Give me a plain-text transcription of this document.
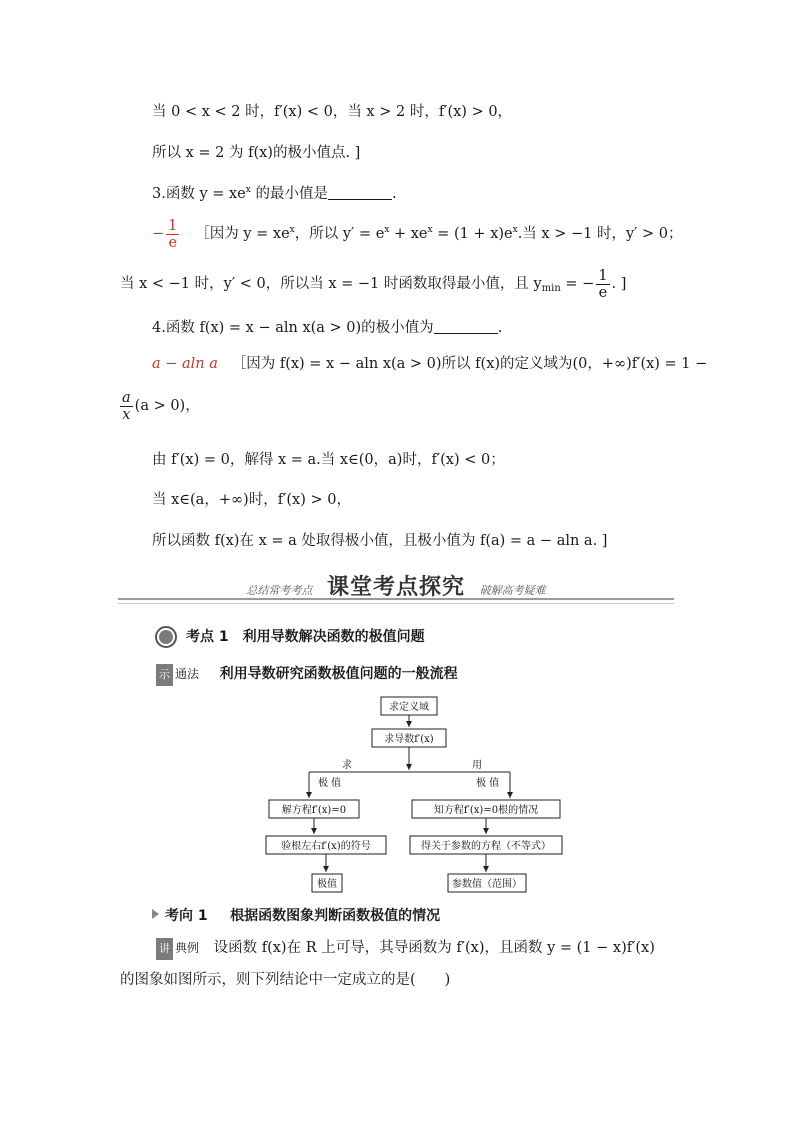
当 0 < x < 2 时，f′(x) < 0，当 x > 2 时，f′(x) > 0，
所以 x = 2 为 f(x)的极小值点. ]
3.函数 $y = xe^x$ 的最小值是	.
− $\frac{1}{e}$ ［因为 $y = xe^x$，所以 $y' = e^x + xe^x = (1 + x)e^x$.当 x > −1 时，y′ > 0；
当 x < −1 时，y′ < 0，所以当 x = −1 时函数取得最小值，且 $y_{min}$ = − $\frac{1}{e}$ . ]
4.函数 f(x) = x − aln x(a > 0)的极小值为	.
a − aln a ［因为 f(x) = x − aln x(a > 0)所以 f(x)的定义域为(0，+∞)f′(x) = 1 −
$\frac{a}{x} (a > 0)$，
由 f′(x) = 0，解得 x = a.当 x∈(0，a)时，f′(x) < 0；
当 x∈(a，+∞)时，f′(x) > 0，
所以函数 f(x)在 x = a 处取得极小值，且极小值为 f(a) = a − aln a. ]
总结常考考点 课堂考点探究 破解高考疑难
考点 1　利用导数解决函数的极值问题
示 通法 利用导数研究函数极值问题的一般流程
求定义域
求导数f′(x)
求
极 值
用
极 值
解方程f′(x)=0
验根左右f′(x)的符号
极值
知方程f′(x)=0根的情况
得关于参数的方程（不等式）
参数值（范围）
考向 1 根据函数图象判断函数极值的情况
讲 典例 设函数 f(x)在 R 上可导，其导函数为 f′(x)，且函数 y = (1 − x)f′(x)
的图象如图所示，则下列结论中一定成立的是(　　)
